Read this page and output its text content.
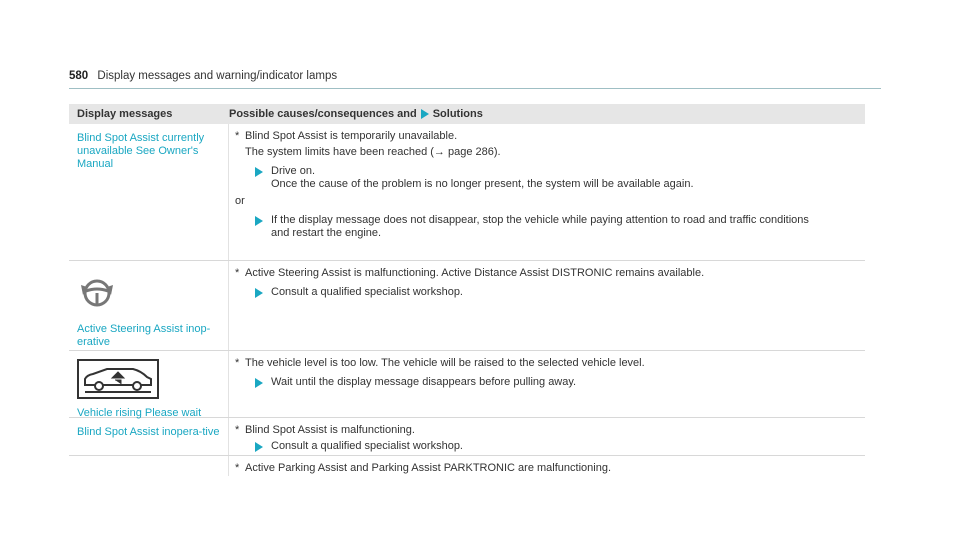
580 Display messages and warning/indicator lamps
Display messages	Possible causes/consequences and Solutions
Blind Spot Assist currently unavailable See Owner's Manual
* Blind Spot Assist is temporarily unavailable.
The system limits have been reached (→ page 286).
Drive on.
Once the cause of the problem is no longer present, the system will be available again.
or
If the display message does not disappear, stop the vehicle while paying attention to road and traffic conditions
and restart the engine.
Active Steering Assist inop-erative
* Active Steering Assist is malfunctioning. Active Distance Assist DISTRONIC remains available.
Consult a qualified specialist workshop.
Vehicle rising Please wait
* The vehicle level is too low. The vehicle will be raised to the selected vehicle level.
Wait until the display message disappears before pulling away.
Blind Spot Assist inopera-tive	* Blind Spot Assist is malfunctioning.
Consult a qualified specialist workshop.
* Active Parking Assist and Parking Assist PARKTRONIC are malfunctioning.
